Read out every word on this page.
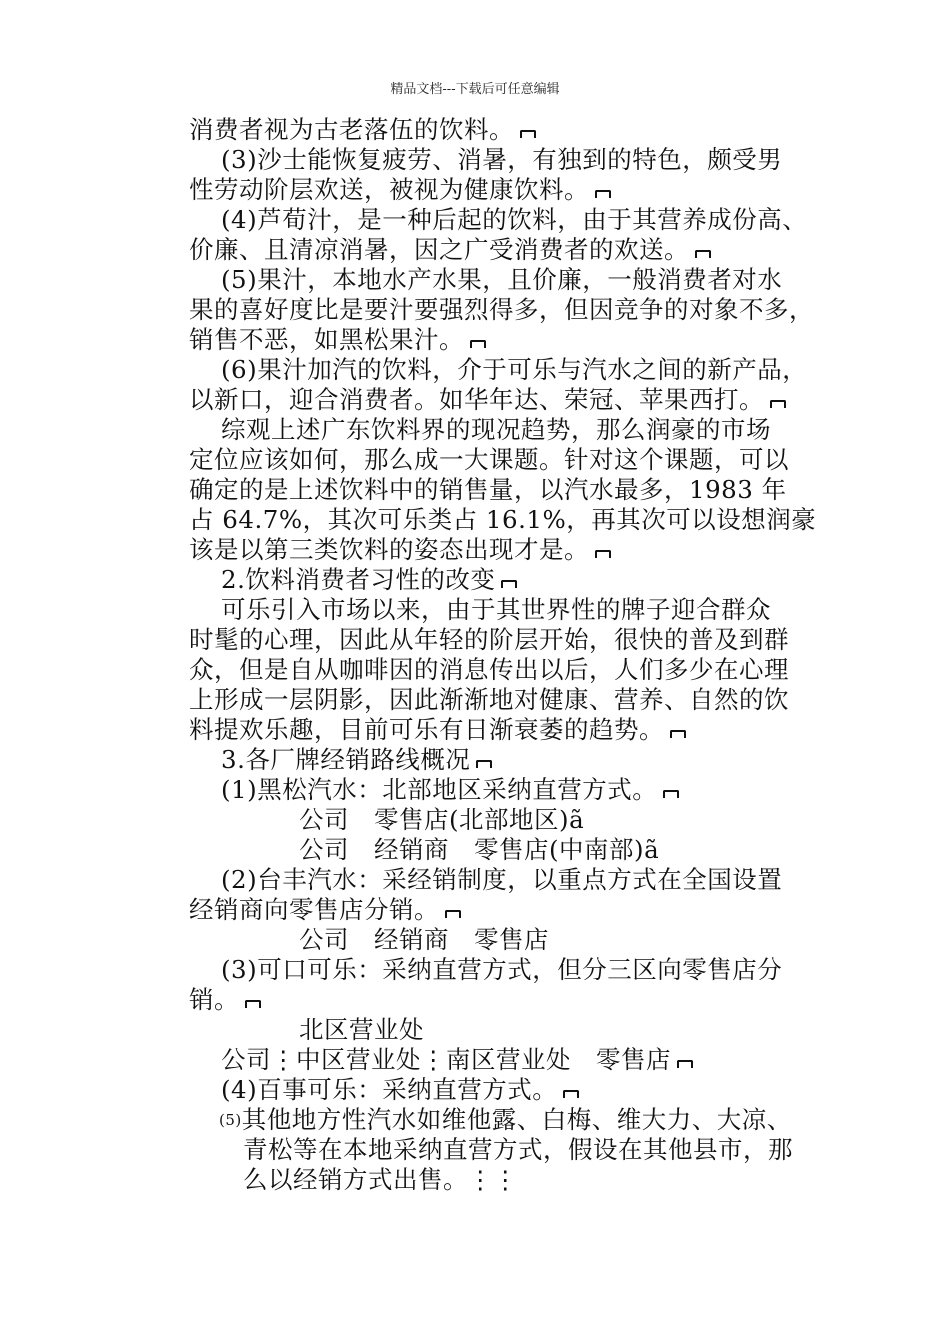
精品文档---下载后可任意编辑
消费者视为古老落伍的饮料。
(3)沙士能恢复疲劳、消暑，有独到的特色，颇受男
性劳动阶层欢送，被视为健康饮料。
(4)芦荀汁，是一种后起的饮料，由于其营养成份高、
价廉、且清凉消暑，因之广受消费者的欢送。
(5)果汁，本地水产水果，且价廉，一般消费者对水
果的喜好度比是要汁要强烈得多，但因竞争的对象不多，
销售不恶，如黑松果汁。
(6)果汁加汽的饮料，介于可乐与汽水之间的新产品，
以新口，迎合消费者。如华年达、荣冠、苹果西打。
综观上述广东饮料界的现况趋势，那么润豪的市场
定位应该如何，那么成一大课题。针对这个课题，可以
确定的是上述饮料中的销售量，以汽水最多，1983 年
占 64.7%，其次可乐类占 16.1%，再其次可以设想润豪
该是以第三类饮料的姿态出现才是。
2.饮料消费者习性的改变
可乐引入市场以来，由于其世界性的牌子迎合群众
时髦的心理，因此从年轻的阶层开始，很快的普及到群
众，但是自从咖啡因的消息传出以后，人们多少在心理
上形成一层阴影，因此渐渐地对健康、营养、自然的饮
料提欢乐趣，目前可乐有日渐衰萎的趋势。
3.各厂牌经销路线概况
(1)黑松汽水：北部地区采纳直营方式。
公司　零售店(北部地区)ã
公司　经销商　零售店(中南部)ã
(2)台丰汽水：采经销制度，以重点方式在全国设置
经销商向零售店分销。
公司　经销商　零售店
(3)可口可乐：采纳直营方式，但分三区向零售店分
销。
北区营业处
公司⋮中区营业处⋮南区营业处　零售店
(4)百事可乐：采纳直营方式。
(5)其他地方性汽水如维他露、白梅、维大力、大凉、
青松等在本地采纳直营方式，假设在其他县市，那
么以经销方式出售。⋮⋮
